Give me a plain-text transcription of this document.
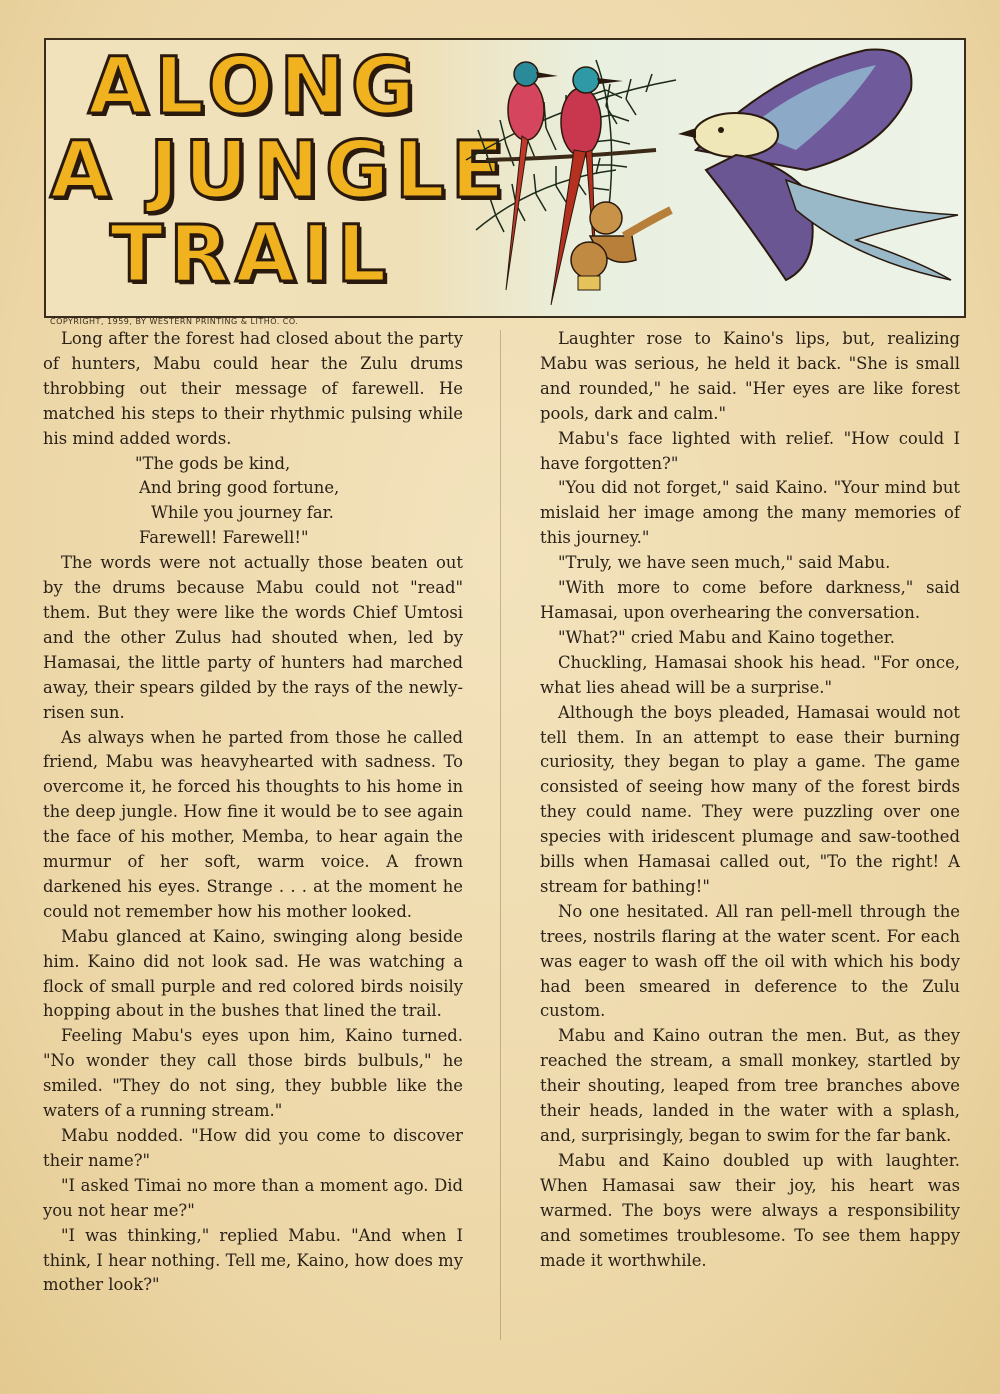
ALONG
A JUNGLE
TRAIL
COPYRIGHT, 1959, BY WESTERN PRINTING & LITHO. CO.

Long after the forest had closed about the party of hunters, Mabu could hear the Zulu drums throbbing out their message of farewell. He matched his steps to their rhythmic pulsing while his mind added words.

"The gods be kind,
And bring good fortune,
While you journey far.
Farewell! Farewell!"

The words were not actually those beaten out by the drums because Mabu could not "read" them. But they were like the words Chief Umtosi and the other Zulus had shouted when, led by Hamasai, the little party of hunters had marched away, their spears gilded by the rays of the newly-risen sun.

As always when he parted from those he called friend, Mabu was heavyhearted with sadness. To overcome it, he forced his thoughts to his home in the deep jungle. How fine it would be to see again the face of his mother, Memba, to hear again the murmur of her soft, warm voice. A frown darkened his eyes. Strange . . . at the moment he could not remember how his mother looked.

Mabu glanced at Kaino, swinging along beside him. Kaino did not look sad. He was watching a flock of small purple and red colored birds noisily hopping about in the bushes that lined the trail.

Feeling Mabu's eyes upon him, Kaino turned. "No wonder they call those birds bulbuls," he smiled. "They do not sing, they bubble like the waters of a running stream."

Mabu nodded. "How did you come to discover their name?"

"I asked Timai no more than a moment ago. Did you not hear me?"

"I was thinking," replied Mabu. "And when I think, I hear nothing. Tell me, Kaino, how does my mother look?"

Laughter rose to Kaino's lips, but, realizing Mabu was serious, he held it back. "She is small and rounded," he said. "Her eyes are like forest pools, dark and calm."

Mabu's face lighted with relief. "How could I have forgotten?"

"You did not forget," said Kaino. "Your mind but mislaid her image among the many memories of this journey."

"Truly, we have seen much," said Mabu.

"With more to come before darkness," said Hamasai, upon overhearing the conversation.

"What?" cried Mabu and Kaino together.

Chuckling, Hamasai shook his head. "For once, what lies ahead will be a surprise."

Although the boys pleaded, Hamasai would not tell them. In an attempt to ease their burning curiosity, they began to play a game. The game consisted of seeing how many of the forest birds they could name. They were puzzling over one species with iridescent plumage and saw-toothed bills when Hamasai called out, "To the right! A stream for bathing!"

No one hesitated. All ran pell-mell through the trees, nostrils flaring at the water scent. For each was eager to wash off the oil with which his body had been smeared in deference to the Zulu custom.

Mabu and Kaino outran the men. But, as they reached the stream, a small monkey, startled by their shouting, leaped from tree branches above their heads, landed in the water with a splash, and, surprisingly, began to swim for the far bank.

Mabu and Kaino doubled up with laughter. When Hamasai saw their joy, his heart was warmed. The boys were always a responsibility and sometimes troublesome. To see them happy made it worthwhile.
